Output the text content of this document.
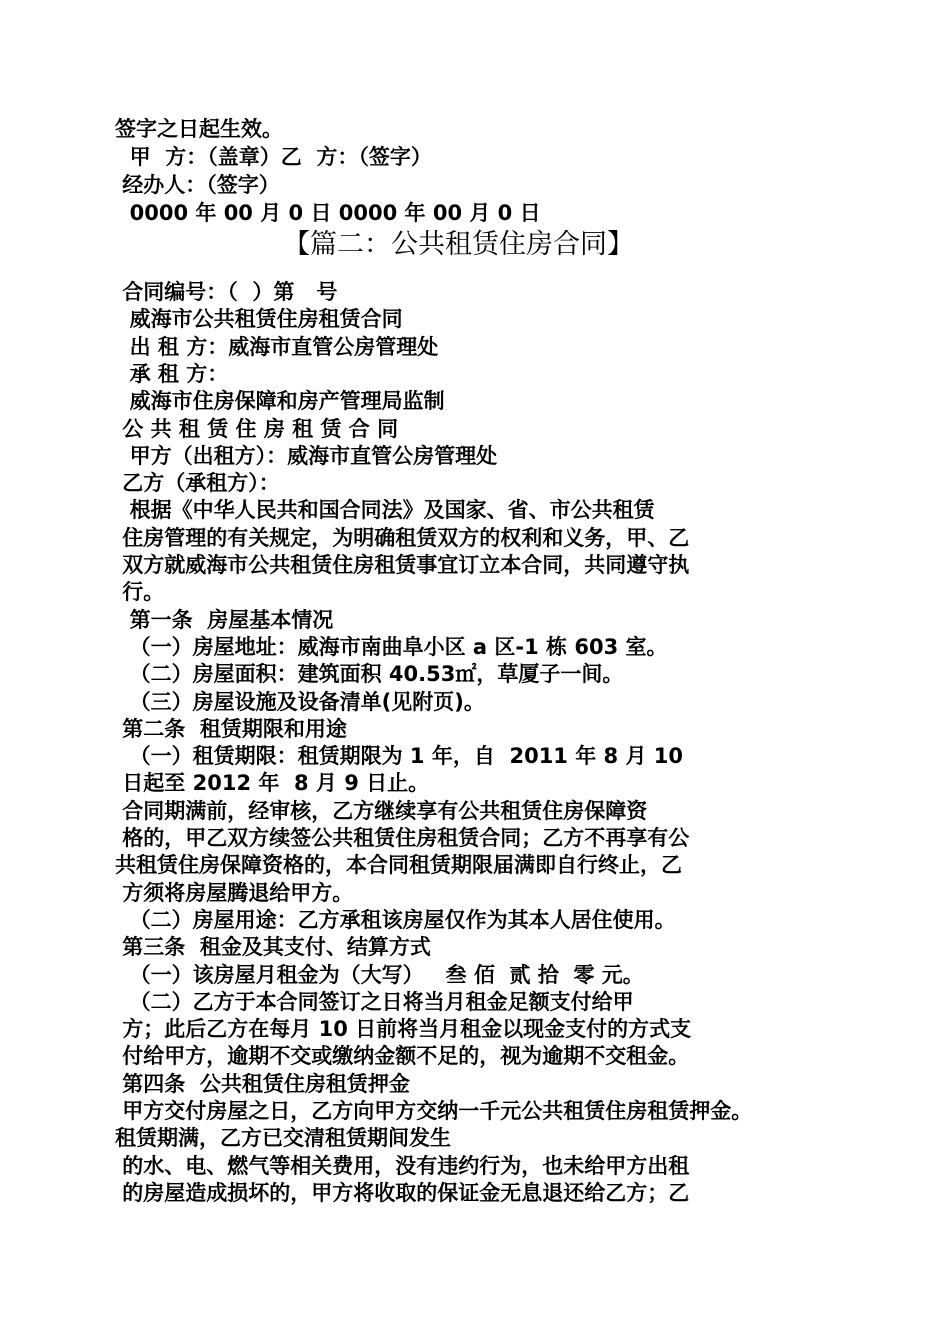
签字之日起生效。
甲  方：（盖章）乙  方：（签字）
经办人：（签字）
0000 年 00 月 0 日 0000 年 00 月 0 日
【篇二：公共租赁住房合同】
合同编号：（  ）第   号
威海市公共租赁住房租赁合同
出 租 方：威海市直管公房管理处
承 租 方：
威海市住房保障和房产管理局监制
公 共 租 赁 住 房 租 赁 合 同
甲方（出租方）：威海市直管公房管理处
乙方（承租方）：
根据《中华人民共和国合同法》及国家、省、市公共租赁
住房管理的有关规定，为明确租赁双方的权利和义务，甲、乙
双方就威海市公共租赁住房租赁事宜订立本合同，共同遵守执
行。
第一条  房屋基本情况
（一）房屋地址：威海市南曲阜小区 a 区-1 栋 603 室。
（二）房屋面积：建筑面积 40.53㎡，草厦子一间。
（三）房屋设施及设备清单(见附页)。
第二条  租赁期限和用途
（一）租赁期限：租赁期限为 1 年，自  2011 年 8 月 10
日起至 2012 年  8 月 9 日止。
合同期满前，经审核，乙方继续享有公共租赁住房保障资
格的，甲乙双方续签公共租赁住房租赁合同；乙方不再享有公
共租赁住房保障资格的，本合同租赁期限届满即自行终止，乙
方须将房屋腾退给甲方。
（二）房屋用途：乙方承租该房屋仅作为其本人居住使用。
第三条  租金及其支付、结算方式
（一）该房屋月租金为（大写）   叁 佰  贰 拾  零 元。
（二）乙方于本合同签订之日将当月租金足额支付给甲
方；此后乙方在每月 10 日前将当月租金以现金支付的方式支
付给甲方，逾期不交或缴纳金额不足的，视为逾期不交租金。
第四条  公共租赁住房租赁押金
甲方交付房屋之日，乙方向甲方交纳一千元公共租赁住房租赁押金。
租赁期满，乙方已交清租赁期间发生
的水、电、燃气等相关费用，没有违约行为，也未给甲方出租
的房屋造成损坏的，甲方将收取的保证金无息退还给乙方；乙
